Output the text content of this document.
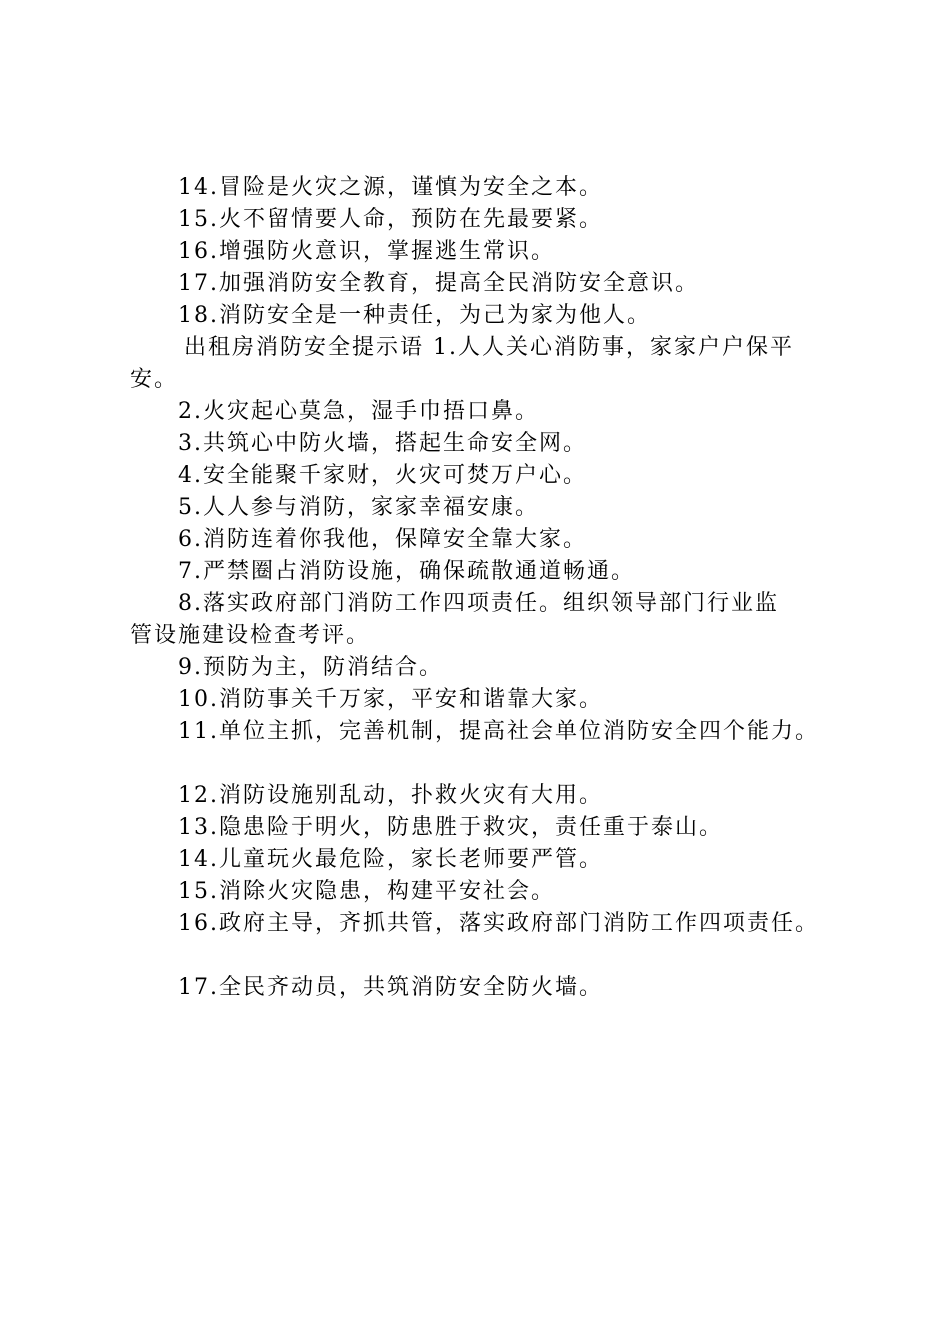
14.冒险是火灾之源，谨慎为安全之本。
15.火不留情要人命，预防在先最要紧。
16.增强防火意识，掌握逃生常识。
17.加强消防安全教育，提高全民消防安全意识。
18.消防安全是一种责任，为己为家为他人。
出租房消防安全提示语 1.人人关心消防事，家家户户保平
安。
2.火灾起心莫急，湿手巾捂口鼻。
3.共筑心中防火墙，搭起生命安全网。
4.安全能聚千家财，火灾可焚万户心。
5.人人参与消防，家家幸福安康。
6.消防连着你我他，保障安全靠大家。
7.严禁圈占消防设施，确保疏散通道畅通。
8.落实政府部门消防工作四项责任。组织领导部门行业监
管设施建设检查考评。
9.预防为主，防消结合。
10.消防事关千万家，平安和谐靠大家。
11.单位主抓，完善机制，提高社会单位消防安全四个能力。
12.消防设施别乱动，扑救火灾有大用。
13.隐患险于明火，防患胜于救灾，责任重于泰山。
14.儿童玩火最危险，家长老师要严管。
15.消除火灾隐患，构建平安社会。
16.政府主导，齐抓共管，落实政府部门消防工作四项责任。
17.全民齐动员，共筑消防安全防火墙。
